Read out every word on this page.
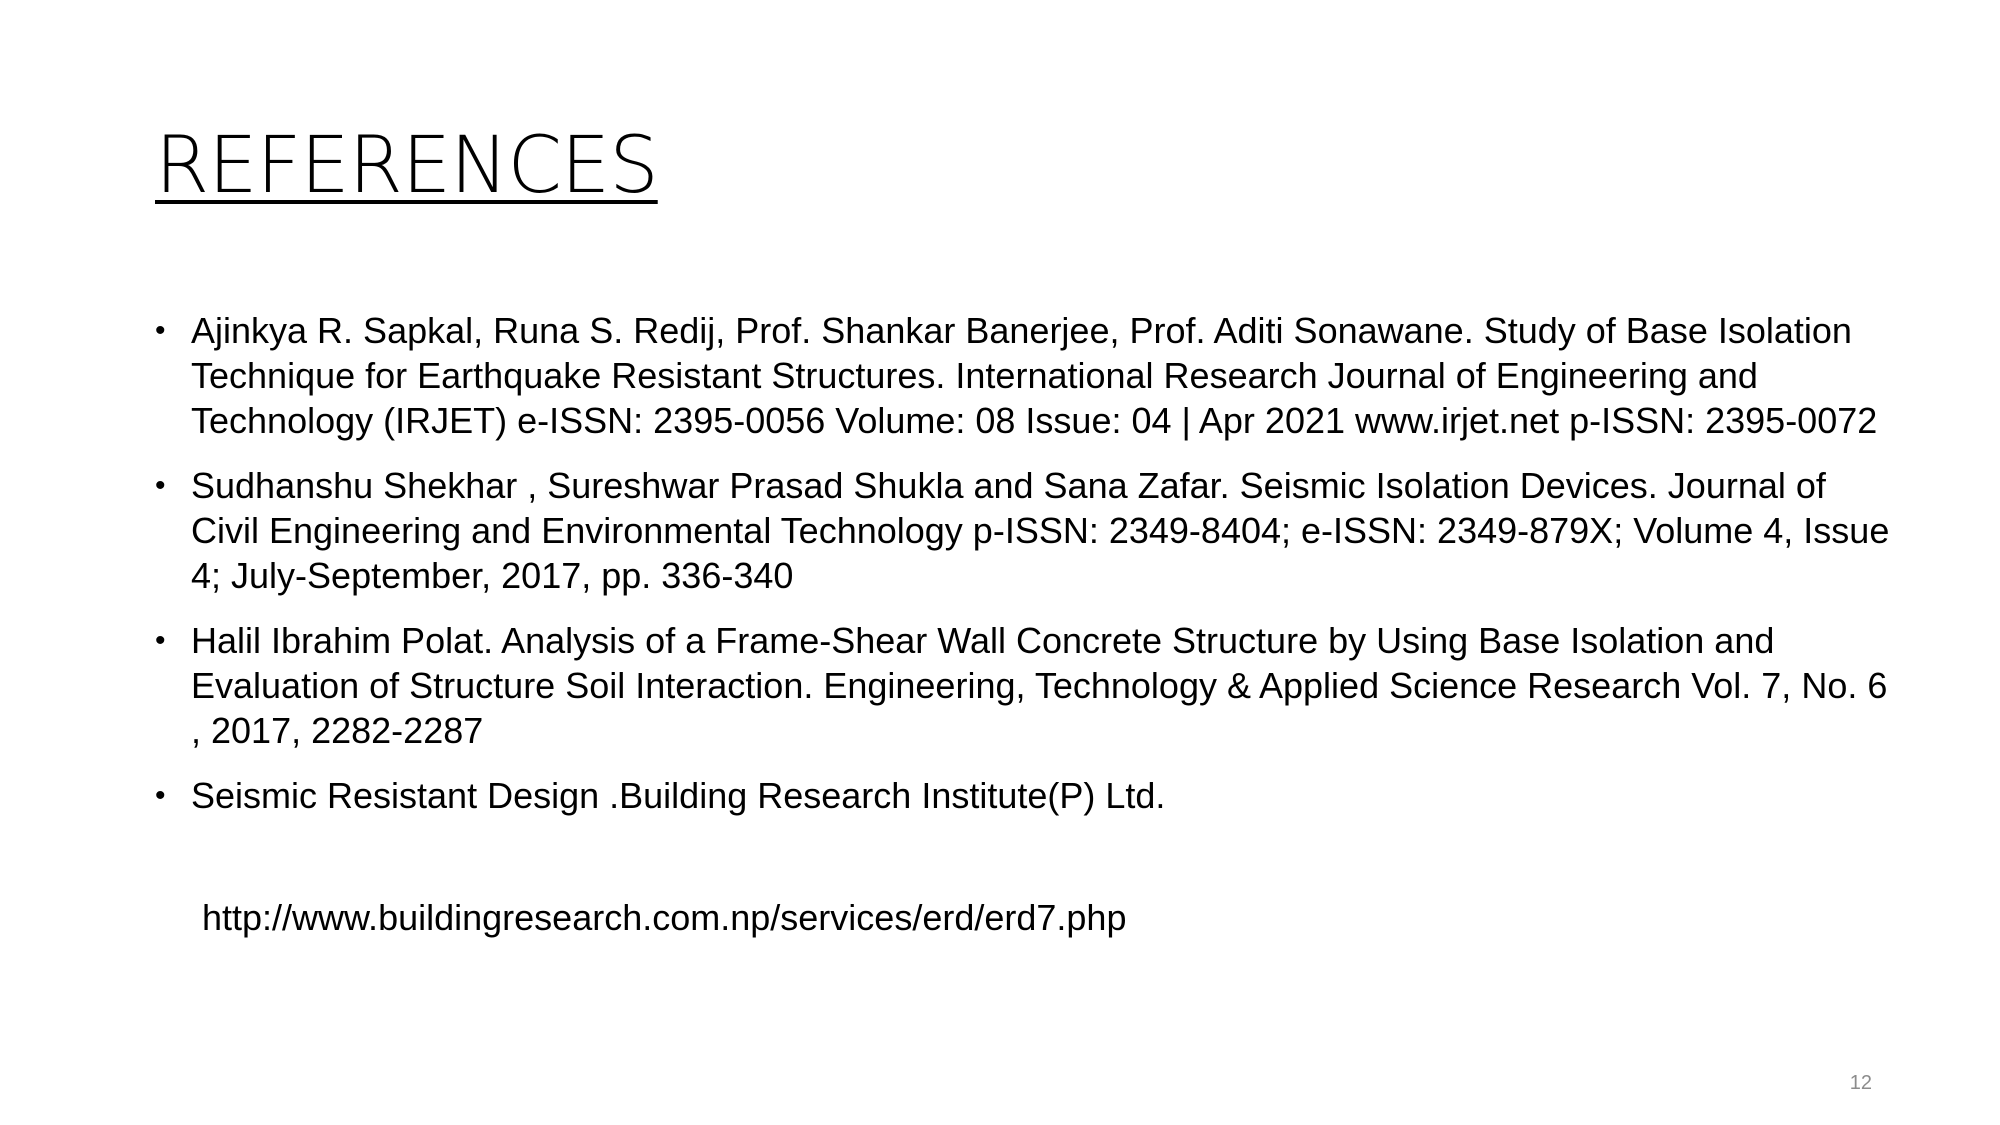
REFERENCES
• Ajinkya R. Sapkal, Runa S. Redij, Prof. Shankar Banerjee, Prof. Aditi Sonawane. Study of Base Isolation Technique for Earthquake Resistant Structures. International Research Journal of Engineering and Technology (IRJET) e-ISSN: 2395-0056 Volume: 08 Issue: 04 | Apr 2021 www.irjet.net p-ISSN: 2395-0072
• Sudhanshu Shekhar , Sureshwar Prasad Shukla and Sana Zafar. Seismic Isolation Devices. Journal of Civil Engineering and Environmental Technology p-ISSN: 2349-8404; e-ISSN: 2349-879X; Volume 4, Issue 4; July-September, 2017, pp. 336-340
• Halil Ibrahim Polat. Analysis of a Frame-Shear Wall Concrete Structure by Using Base Isolation and Evaluation of Structure Soil Interaction. Engineering, Technology & Applied Science Research Vol. 7, No. 6 , 2017, 2282-2287
• Seismic Resistant Design .Building Research Institute(P) Ltd.
http://www.buildingresearch.com.np/services/erd/erd7.php
12
